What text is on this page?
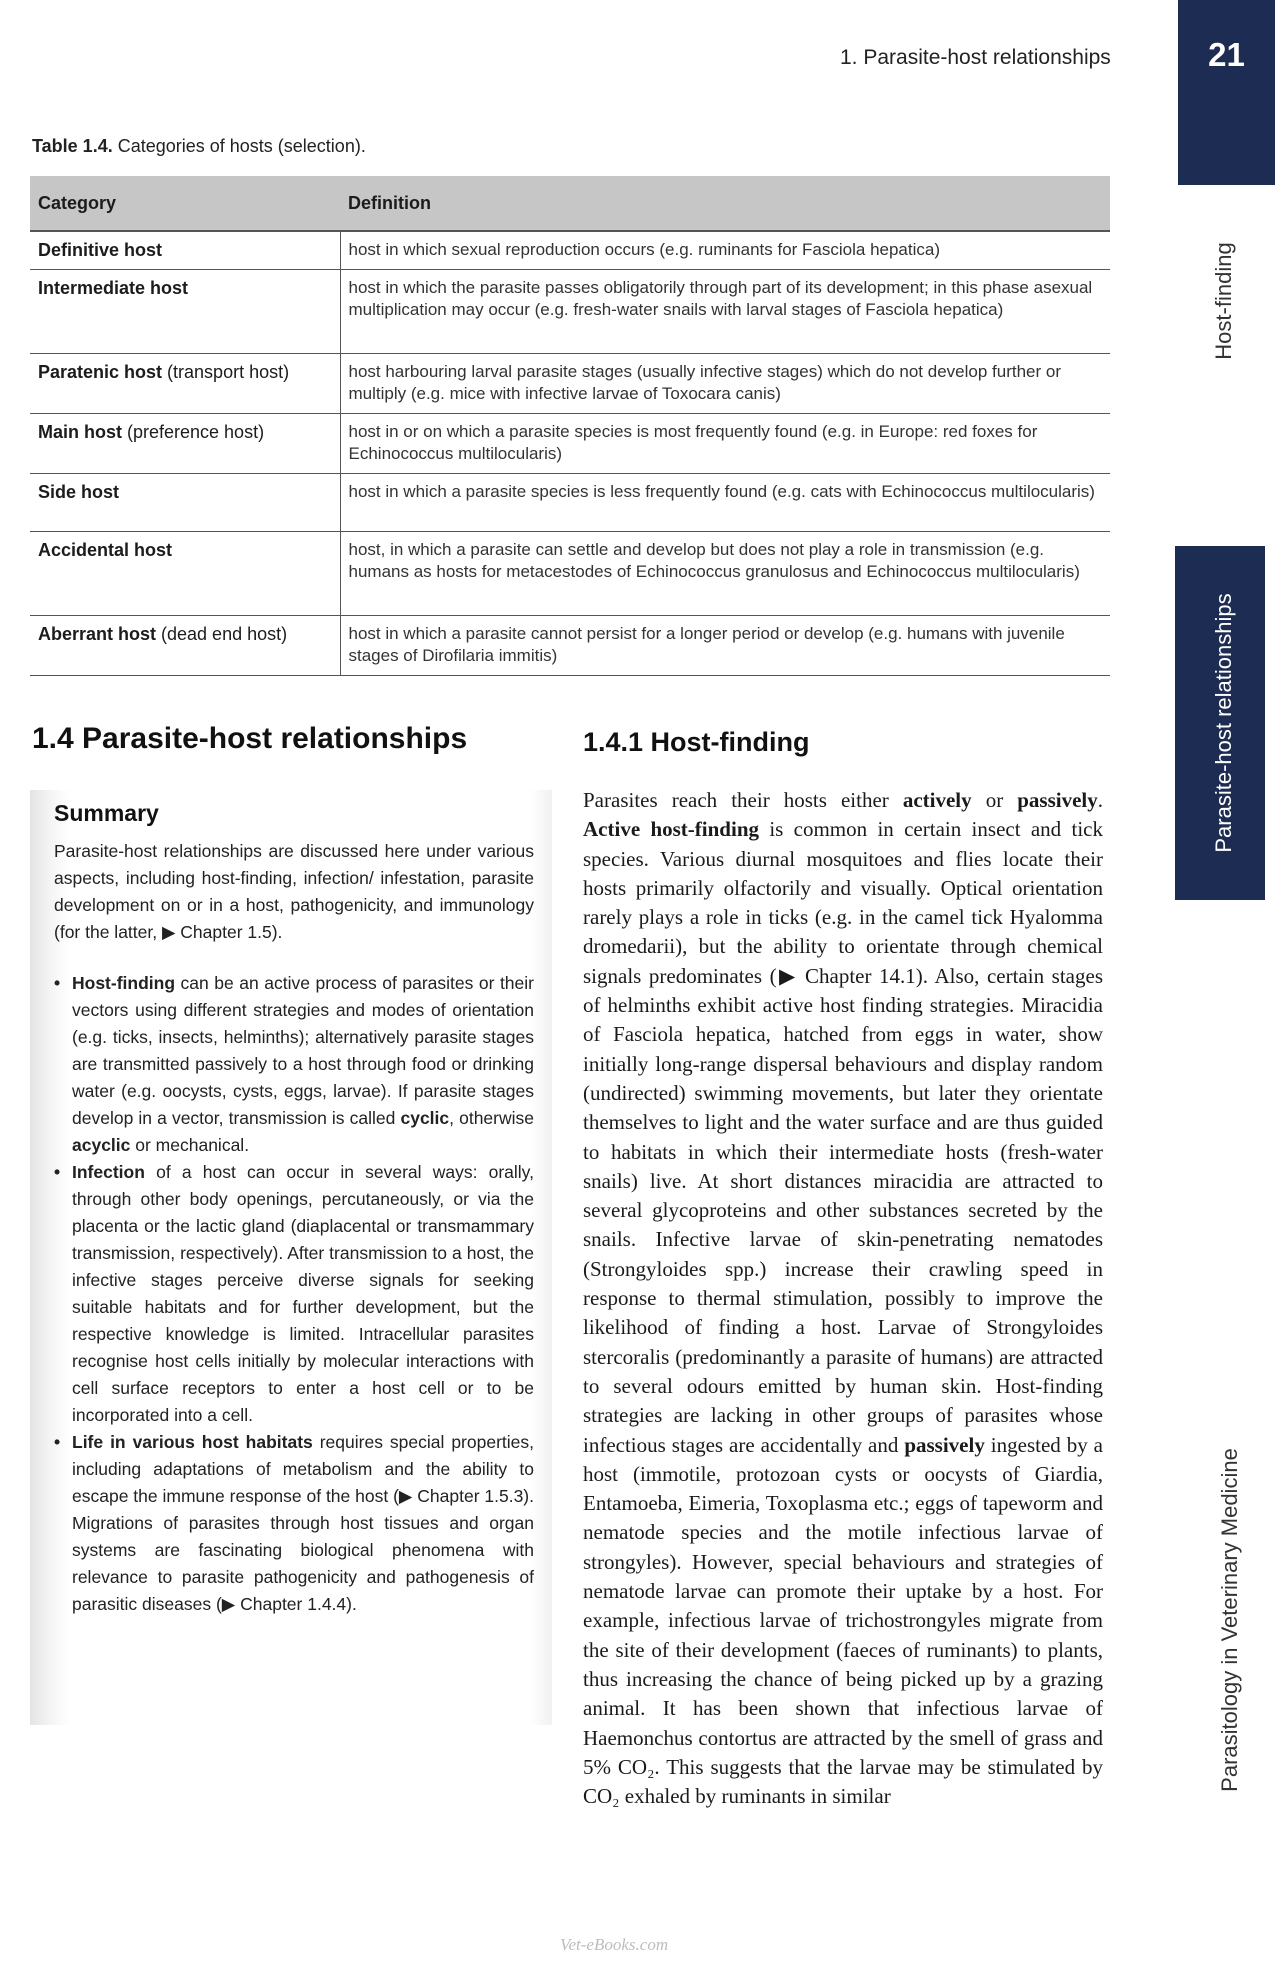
1. Parasite-host relationships	21
Host-finding
Parasite-host relationships
Parasitology in Veterinary Medicine
Table 1.4. Categories of hosts (selection).
Category	Definition
Definitive host	host in which sexual reproduction occurs (e.g. ruminants for Fasciola hepatica)
Intermediate host	host in which the parasite passes obligatorily through part of its development; in this phase asexual multiplication may occur (e.g. fresh-water snails with larval stages of Fasciola hepatica)
Paratenic host (transport host)	host harbouring larval parasite stages (usually infective stages) which do not develop further or multiply (e.g. mice with infective larvae of Toxocara canis)
Main host (preference host)	host in or on which a parasite species is most frequently found (e.g. in Europe: red foxes for Echinococcus multilocularis)
Side host	host in which a parasite species is less frequently found (e.g. cats with Echinococcus multilocularis)
Accidental host	host, in which a parasite can settle and develop but does not play a role in transmission (e.g. humans as hosts for metacestodes of Echinococcus granulosus and Echinococcus multilocularis)
Aberrant host (dead end host)	host in which a parasite cannot persist for a longer period or develop (e.g. humans with juvenile stages of Dirofilaria immitis)
1.4 Parasite-host relationships	1.4.1 Host-finding
Summary
Parasite-host relationships are discussed here under various aspects, including host-finding, infection/ infestation, parasite development on or in a host, pathogenicity, and immunology (for the latter, ▶ Chapter 1.5).
• Host-finding can be an active process of parasites or their vectors using different strategies and modes of orientation (e.g. ticks, insects, helminths); alternatively parasite stages are transmitted passively to a host through food or drinking water (e.g. oocysts, cysts, eggs, larvae). If parasite stages develop in a vector, transmission is called cyclic, otherwise acyclic or mechanical.
• Infection of a host can occur in several ways: orally, through other body openings, percutaneously, or via the placenta or the lactic gland (diaplacental or transmammary transmission, respectively). After transmission to a host, the infective stages perceive diverse signals for seeking suitable habitats and for further development, but the respective knowledge is limited. Intracellular parasites recognise host cells initially by molecular interactions with cell surface receptors to enter a host cell or to be incorporated into a cell.
• Life in various host habitats requires special properties, including adaptations of metabolism and the ability to escape the immune response of the host (▶ Chapter 1.5.3). Migrations of parasites through host tissues and organ systems are fascinating biological phenomena with relevance to parasite pathogenicity and pathogenesis of parasitic diseases (▶ Chapter 1.4.4).

Parasites reach their hosts either actively or passively. Active host-finding is common in certain insect and tick species. Various diurnal mosquitoes and flies locate their hosts primarily olfactorily and visually. Optical orientation rarely plays a role in ticks (e.g. in the camel tick Hyalomma dromedarii), but the ability to orientate through chemical signals predominates (▶ Chapter 14.1). Also, certain stages of helminths exhibit active host finding strategies. Miracidia of Fasciola hepatica, hatched from eggs in water, show initially long-range dispersal behaviours and display random (undirected) swimming movements, but later they orientate themselves to light and the water surface and are thus guided to habitats in which their intermediate hosts (fresh-water snails) live. At short distances miracidia are attracted to several glycoproteins and other substances secreted by the snails. Infective larvae of skin-penetrating nematodes (Strongyloides spp.) increase their crawling speed in response to thermal stimulation, possibly to improve the likelihood of finding a host. Larvae of Strongyloides stercoralis (predominantly a parasite of humans) are attracted to several odours emitted by human skin. Host-finding strategies are lacking in other groups of parasites whose infectious stages are accidentally and passively ingested by a host (immotile, protozoan cysts or oocysts of Giardia, Entamoeba, Eimeria, Toxoplasma etc.; eggs of tapeworm and nematode species and the motile infectious larvae of strongyles). However, special behaviours and strategies of nematode larvae can promote their uptake by a host. For example, infectious larvae of trichostrongyles migrate from the site of their development (faeces of ruminants) to plants, thus increasing the chance of being picked up by a grazing animal. It has been shown that infectious larvae of Haemonchus contortus are attracted by the smell of grass and 5% CO₂. This suggests that the larvae may be stimulated by CO₂ exhaled by ruminants in similar

Vet-eBooks.com
